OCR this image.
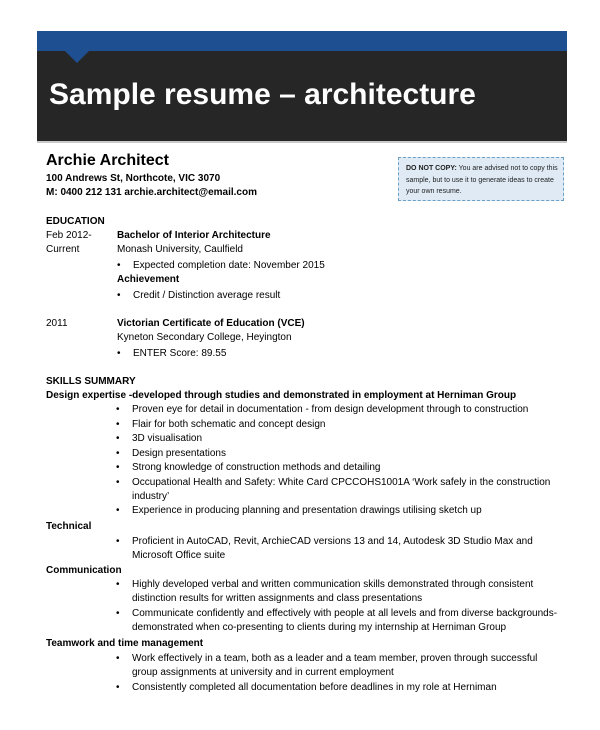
Sample resume – architecture
Archie Architect
100 Andrews St, Northcote, VIC 3070
M: 0400 212 131 archie.architect@email.com
DO NOT COPY: You are advised not to copy this sample, but to use it to generate ideas to create your own resume.
EDUCATION
Feb 2012-
Current
Bachelor of Interior Architecture
Monash University, Caulfield
• Expected completion date: November 2015
Achievement
• Credit / Distinction average result
2011	Victorian Certificate of Education (VCE)
Kyneton Secondary College, Heyington
• ENTER Score: 89.55
SKILLS SUMMARY
Design expertise -developed through studies and demonstrated in employment at Herniman Group
• Proven eye for detail in documentation - from design development through to construction
• Flair for both schematic and concept design
• 3D visualisation
• Design presentations
• Strong knowledge of construction methods and detailing
• Occupational Health and Safety: White Card CPCCOHS1001A ‘Work safely in the construction
industry’
• Experience in producing planning and presentation drawings utilising sketch up
Technical
• Proficient in AutoCAD, Revit, ArchieCAD versions 13 and 14, Autodesk 3D Studio Max and
Microsoft Office suite
Communication
• Highly developed verbal and written communication skills demonstrated through consistent
distinction results for written assignments and class presentations
• Communicate confidently and effectively with people at all levels and from diverse backgrounds-
demonstrated when co-presenting to clients during my internship at Herniman Group
Teamwork and time management
• Work effectively in a team, both as a leader and a team member, proven through successful
group assignments at university and in current employment
• Consistently completed all documentation before deadlines in my role at Herniman
